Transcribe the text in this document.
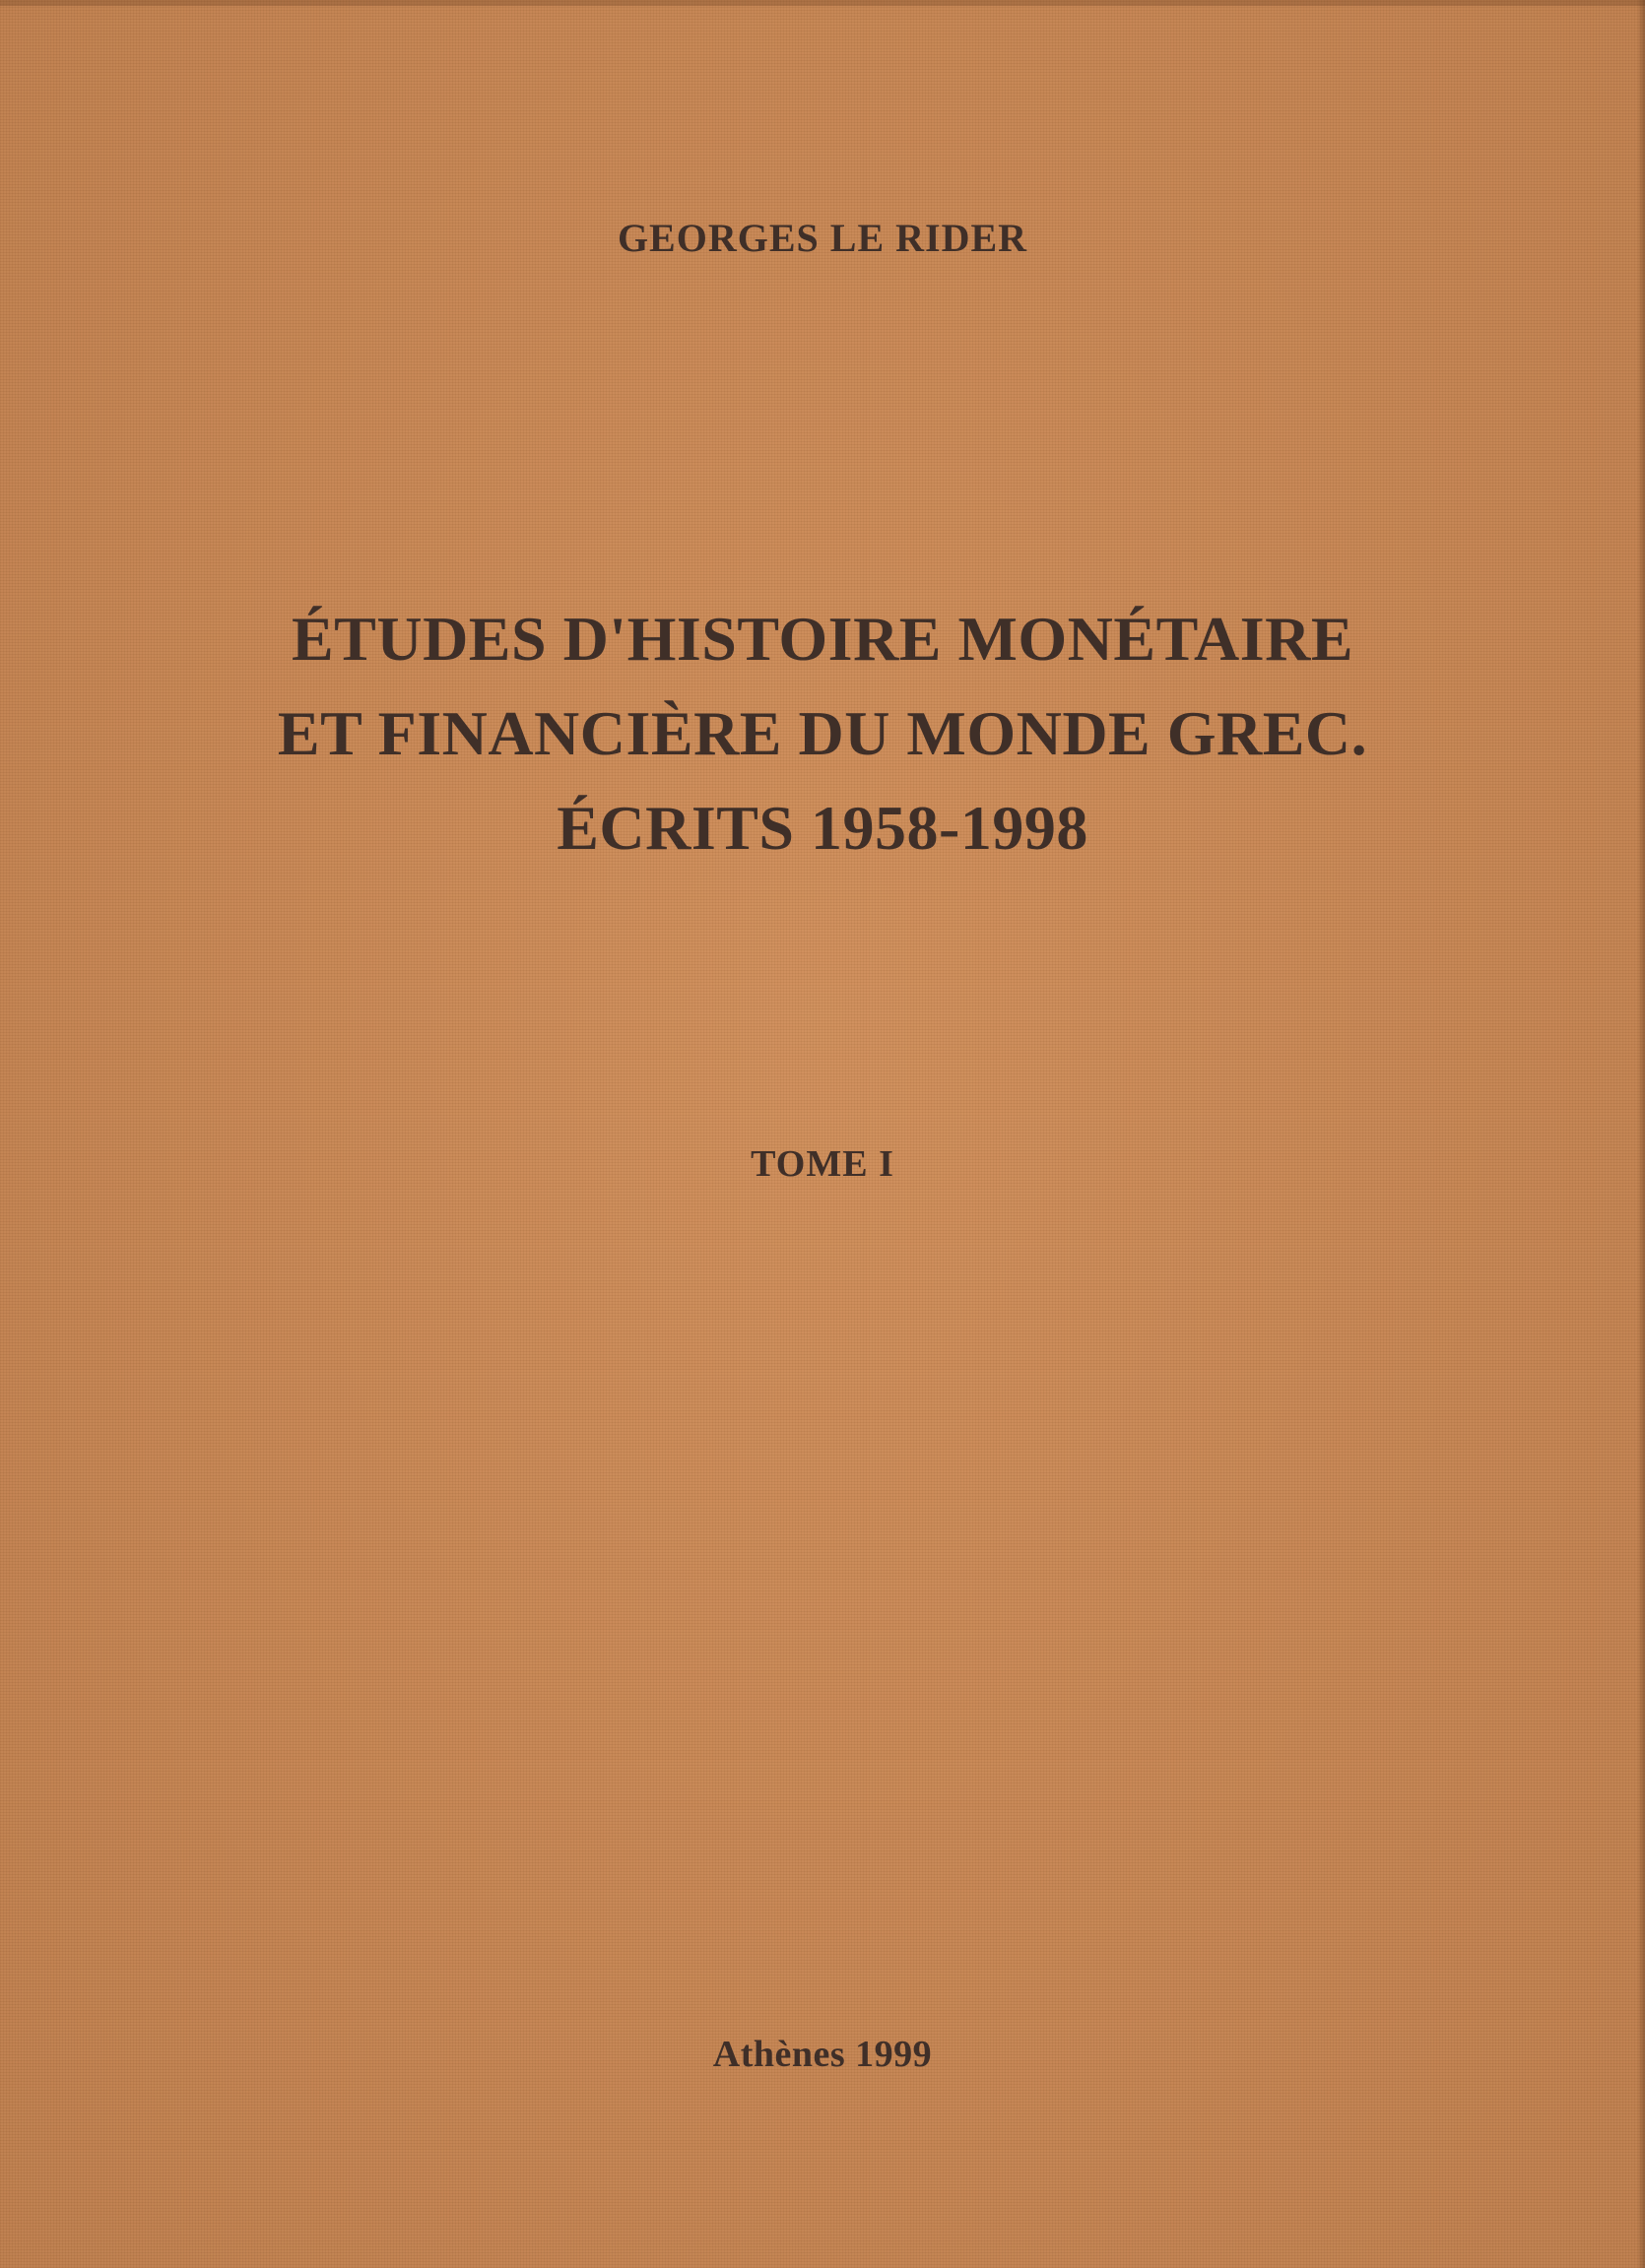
GEORGES LE RIDER
ÉTUDES D'HISTOIRE MONÉTAIRE
ET FINANCIÈRE DU MONDE GREC.
ÉCRITS 1958-1998
TOME I
Athènes 1999
